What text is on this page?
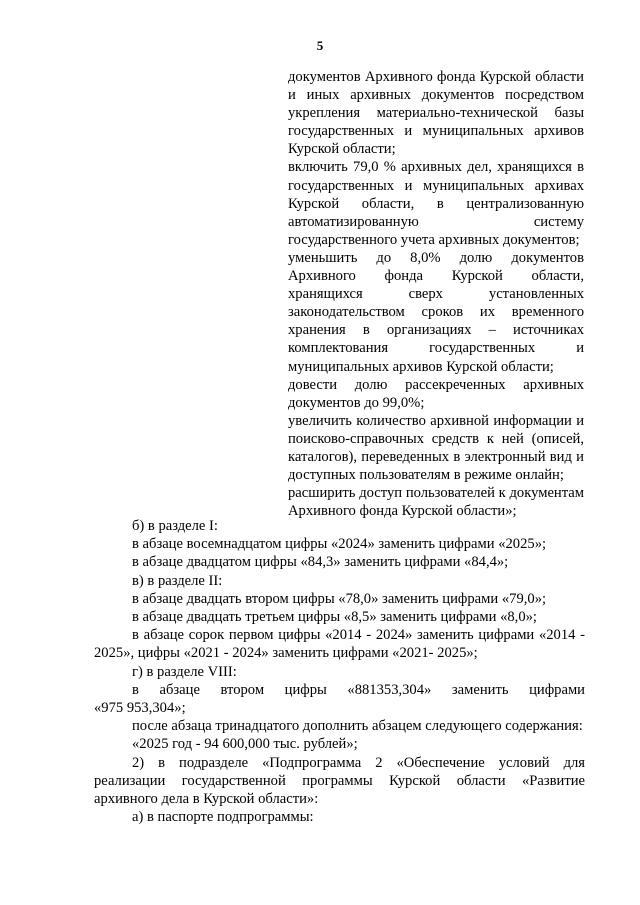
5

документов Архивного фонда Курской области и иных архивных документов посредством укрепления материально-технической базы государственных и муниципальных архивов Курской области;

включить 79,0 % архивных дел, хранящихся в государственных и муниципальных архивах Курской области, в централизованную автоматизированную систему государственного учета архивных документов;

уменьшить до 8,0% долю документов Архивного фонда Курской области, хранящихся сверх установленных законодательством сроков их временного хранения в организациях – источниках комплектования государственных и муниципальных архивов Курской области;

довести долю рассекреченных архивных документов до 99,0%;

увеличить количество архивной информации и поисково-справочных средств к ней (описей, каталогов), переведенных в электронный вид и доступных пользователям в режиме онлайн;

расширить доступ пользователей к документам Архивного фонда Курской области»;

б) в разделе I:

в абзаце восемнадцатом цифры «2024» заменить цифрами «2025»;

в абзаце двадцатом цифры «84,3» заменить цифрами «84,4»;

в) в разделе II:

в абзаце двадцать втором цифры «78,0» заменить цифрами «79,0»;

в абзаце двадцать третьем цифры «8,5» заменить цифрами «8,0»;

в абзаце сорок первом цифры «2014 - 2024» заменить цифрами «2014 - 2025», цифры «2021 - 2024» заменить цифрами «2021- 2025»;

г) в разделе VIII:

в абзаце втором цифры «881353,304» заменить цифрами

«975 953,304»;

после абзаца тринадцатого дополнить абзацем следующего содержания:

«2025 год - 94 600,000 тыс. рублей»;

2) в подразделе «Подпрограмма 2 «Обеспечение условий для реализации государственной программы Курской области «Развитие архивного дела в Курской области»:

а) в паспорте подпрограммы:
